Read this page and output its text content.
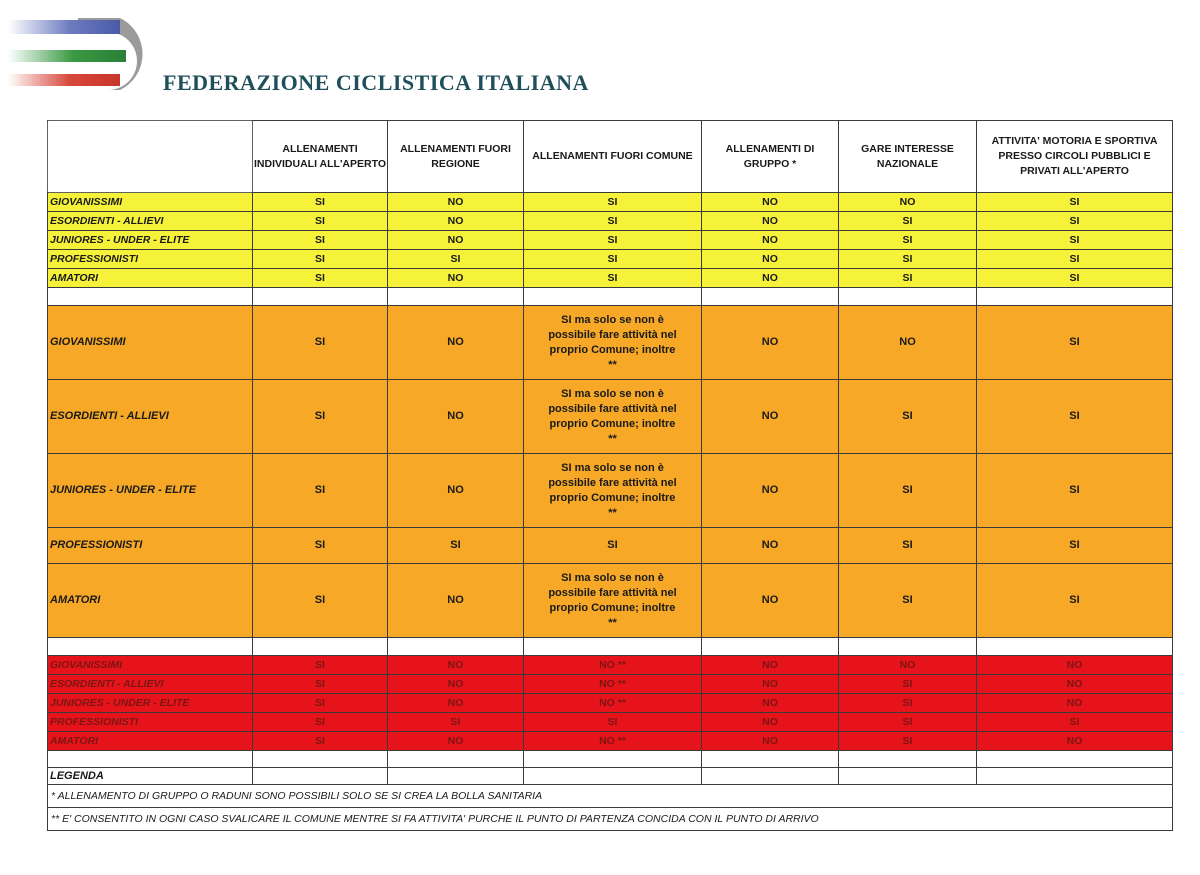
FEDERAZIONE CICLISTICA ITALIANA
	ALLENAMENTI INDIVIDUALI ALL'APERTO	ALLENAMENTI FUORI REGIONE	ALLENAMENTI FUORI COMUNE	ALLENAMENTI DI GRUPPO *	GARE INTERESSE NAZIONALE	ATTIVITA' MOTORIA E SPORTIVA PRESSO CIRCOLI PUBBLICI E PRIVATI ALL'APERTO
GIOVANISSIMI	SI	NO	SI	NO	NO	SI
ESORDIENTI - ALLIEVI	SI	NO	SI	NO	SI	SI
JUNIORES - UNDER - ELITE	SI	NO	SI	NO	SI	SI
PROFESSIONISTI	SI	SI	SI	NO	SI	SI
AMATORI	SI	NO	SI	NO	SI	SI

GIOVANISSIMI	SI	NO	SI ma solo se non è possibile fare attività nel proprio Comune; inoltre **	NO	NO	SI
ESORDIENTI - ALLIEVI	SI	NO	SI ma solo se non è possibile fare attività nel proprio Comune; inoltre **	NO	SI	SI
JUNIORES - UNDER - ELITE	SI	NO	SI ma solo se non è possibile fare attività nel proprio Comune; inoltre **	NO	SI	SI
PROFESSIONISTI	SI	SI	SI	NO	SI	SI
AMATORI	SI	NO	SI ma solo se non è possibile fare attività nel proprio Comune; inoltre **	NO	SI	SI

GIOVANISSIMI	SI	NO	NO **	NO	NO	NO
ESORDIENTI - ALLIEVI	SI	NO	NO **	NO	SI	NO
JUNIORES - UNDER - ELITE	SI	NO	NO **	NO	SI	NO
PROFESSIONISTI	SI	SI	SI	NO	SI	SI
AMATORI	SI	NO	NO **	NO	SI	NO

LEGENDA						
* ALLENAMENTO DI GRUPPO O RADUNI SONO POSSIBILI SOLO SE SI CREA LA BOLLA SANITARIA						
** E' CONSENTITO IN OGNI CASO SVALICARE IL COMUNE MENTRE SI FA ATTIVITA' PURCHE IL PUNTO DI PARTENZA CONCIDA CON IL PUNTO DI ARRIVO						
